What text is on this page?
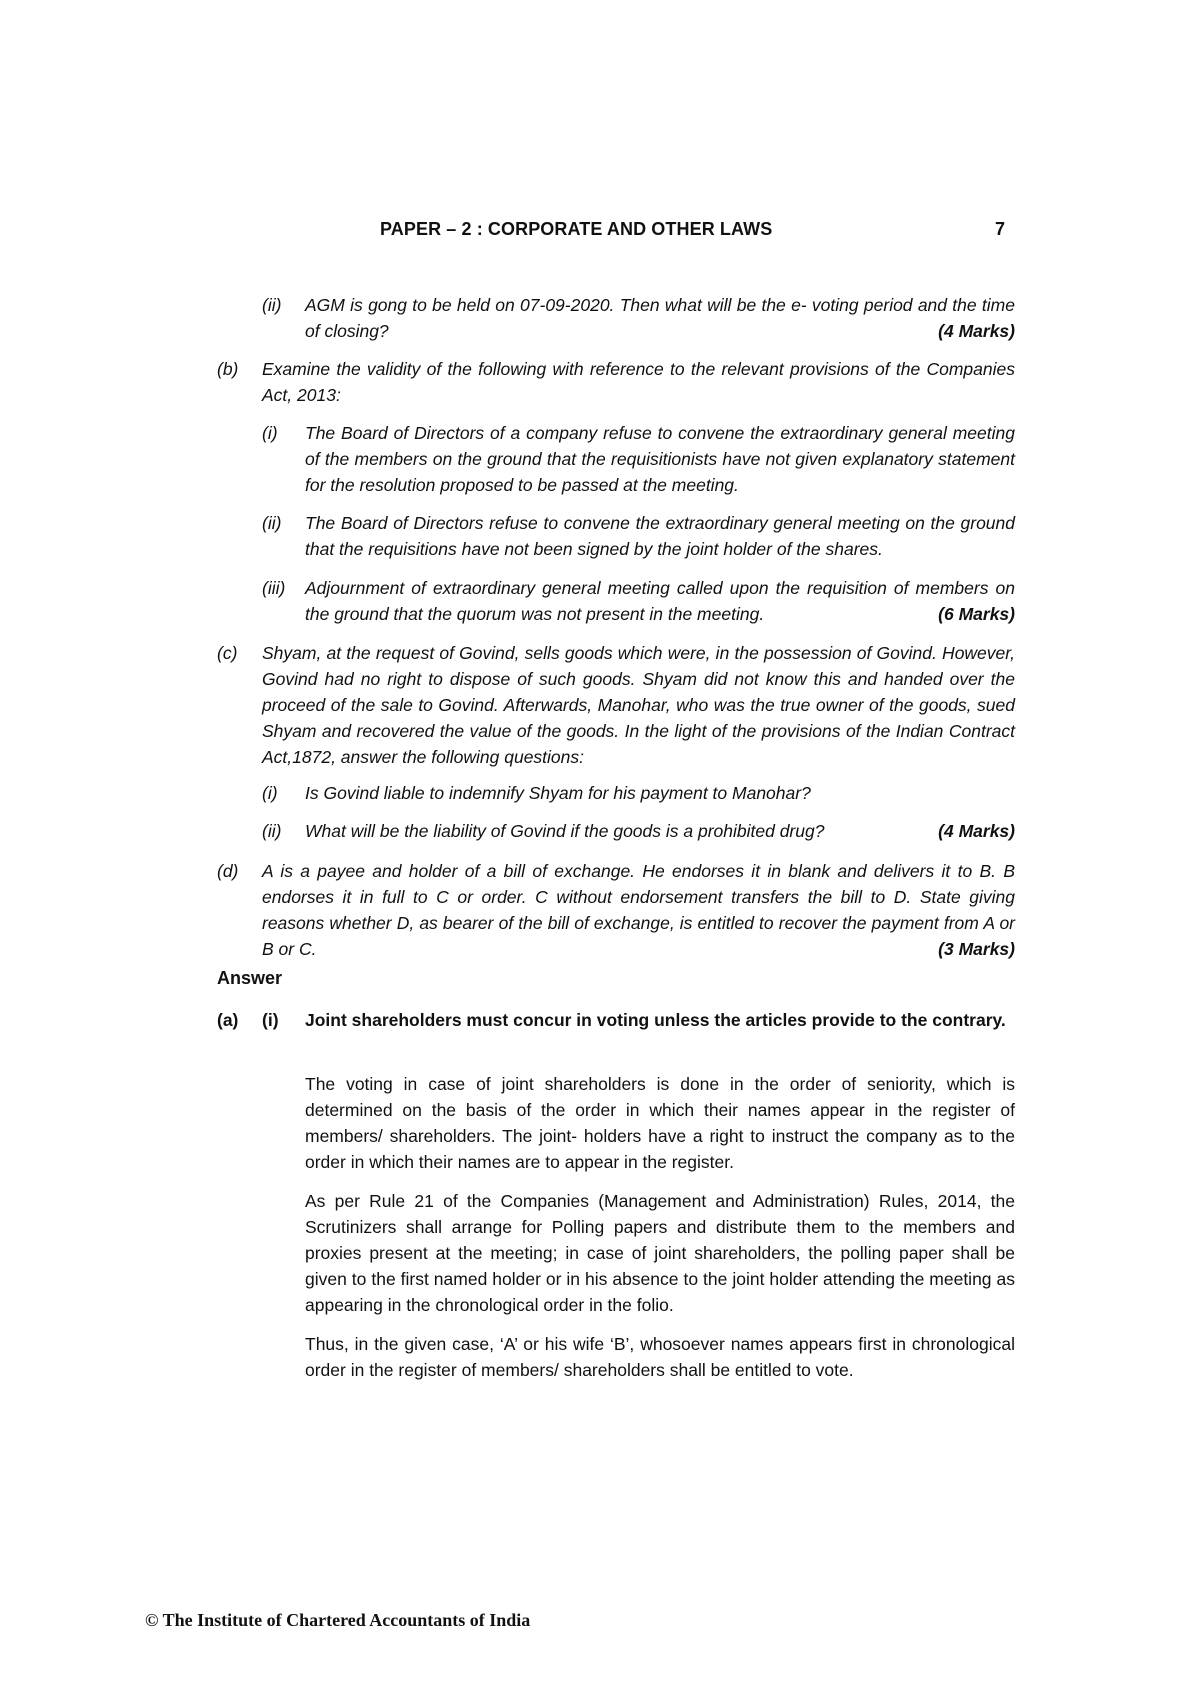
PAPER – 2 : CORPORATE AND OTHER LAWS	7
(ii) AGM is gong to be held on 07-09-2020. Then what will be the e- voting period and the time of closing?	(4 Marks)
(b) Examine the validity of the following with reference to the relevant provisions of the Companies Act, 2013:
(i) The Board of Directors of a company refuse to convene the extraordinary general meeting of the members on the ground that the requisitionists have not given explanatory statement for the resolution proposed to be passed at the meeting.
(ii) The Board of Directors refuse to convene the extraordinary general meeting on the ground that the requisitions have not been signed by the joint holder of the shares.
(iii) Adjournment of extraordinary general meeting called upon the requisition of members on the ground that the quorum was not present in the meeting.	(6 Marks)
(c) Shyam, at the request of Govind, sells goods which were, in the possession of Govind. However, Govind had no right to dispose of such goods. Shyam did not know this and handed over the proceed of the sale to Govind. Afterwards, Manohar, who was the true owner of the goods, sued Shyam and recovered the value of the goods. In the light of the provisions of the Indian Contract Act,1872, answer the following questions:
(i) Is Govind liable to indemnify Shyam for his payment to Manohar?
(ii) What will be the liability of Govind if the goods is a prohibited drug?	(4 Marks)
(d) A is a payee and holder of a bill of exchange. He endorses it in blank and delivers it to B. B endorses it in full to C or order. C without endorsement transfers the bill to D. State giving reasons whether D, as bearer of the bill of exchange, is entitled to recover the payment from A or B or C.	(3 Marks)
Answer
(a) (i) Joint shareholders must concur in voting unless the articles provide to the contrary.
The voting in case of joint shareholders is done in the order of seniority, which is determined on the basis of the order in which their names appear in the register of members/ shareholders. The joint- holders have a right to instruct the company as to the order in which their names are to appear in the register.
As per Rule 21 of the Companies (Management and Administration) Rules, 2014, the Scrutinizers shall arrange for Polling papers and distribute them to the members and proxies present at the meeting; in case of joint shareholders, the polling paper shall be given to the first named holder or in his absence to the joint holder attending the meeting as appearing in the chronological order in the folio.
Thus, in the given case, ‘A’ or his wife ‘B’, whosoever names appears first in chronological order in the register of members/ shareholders shall be entitled to vote.
© The Institute of Chartered Accountants of India
